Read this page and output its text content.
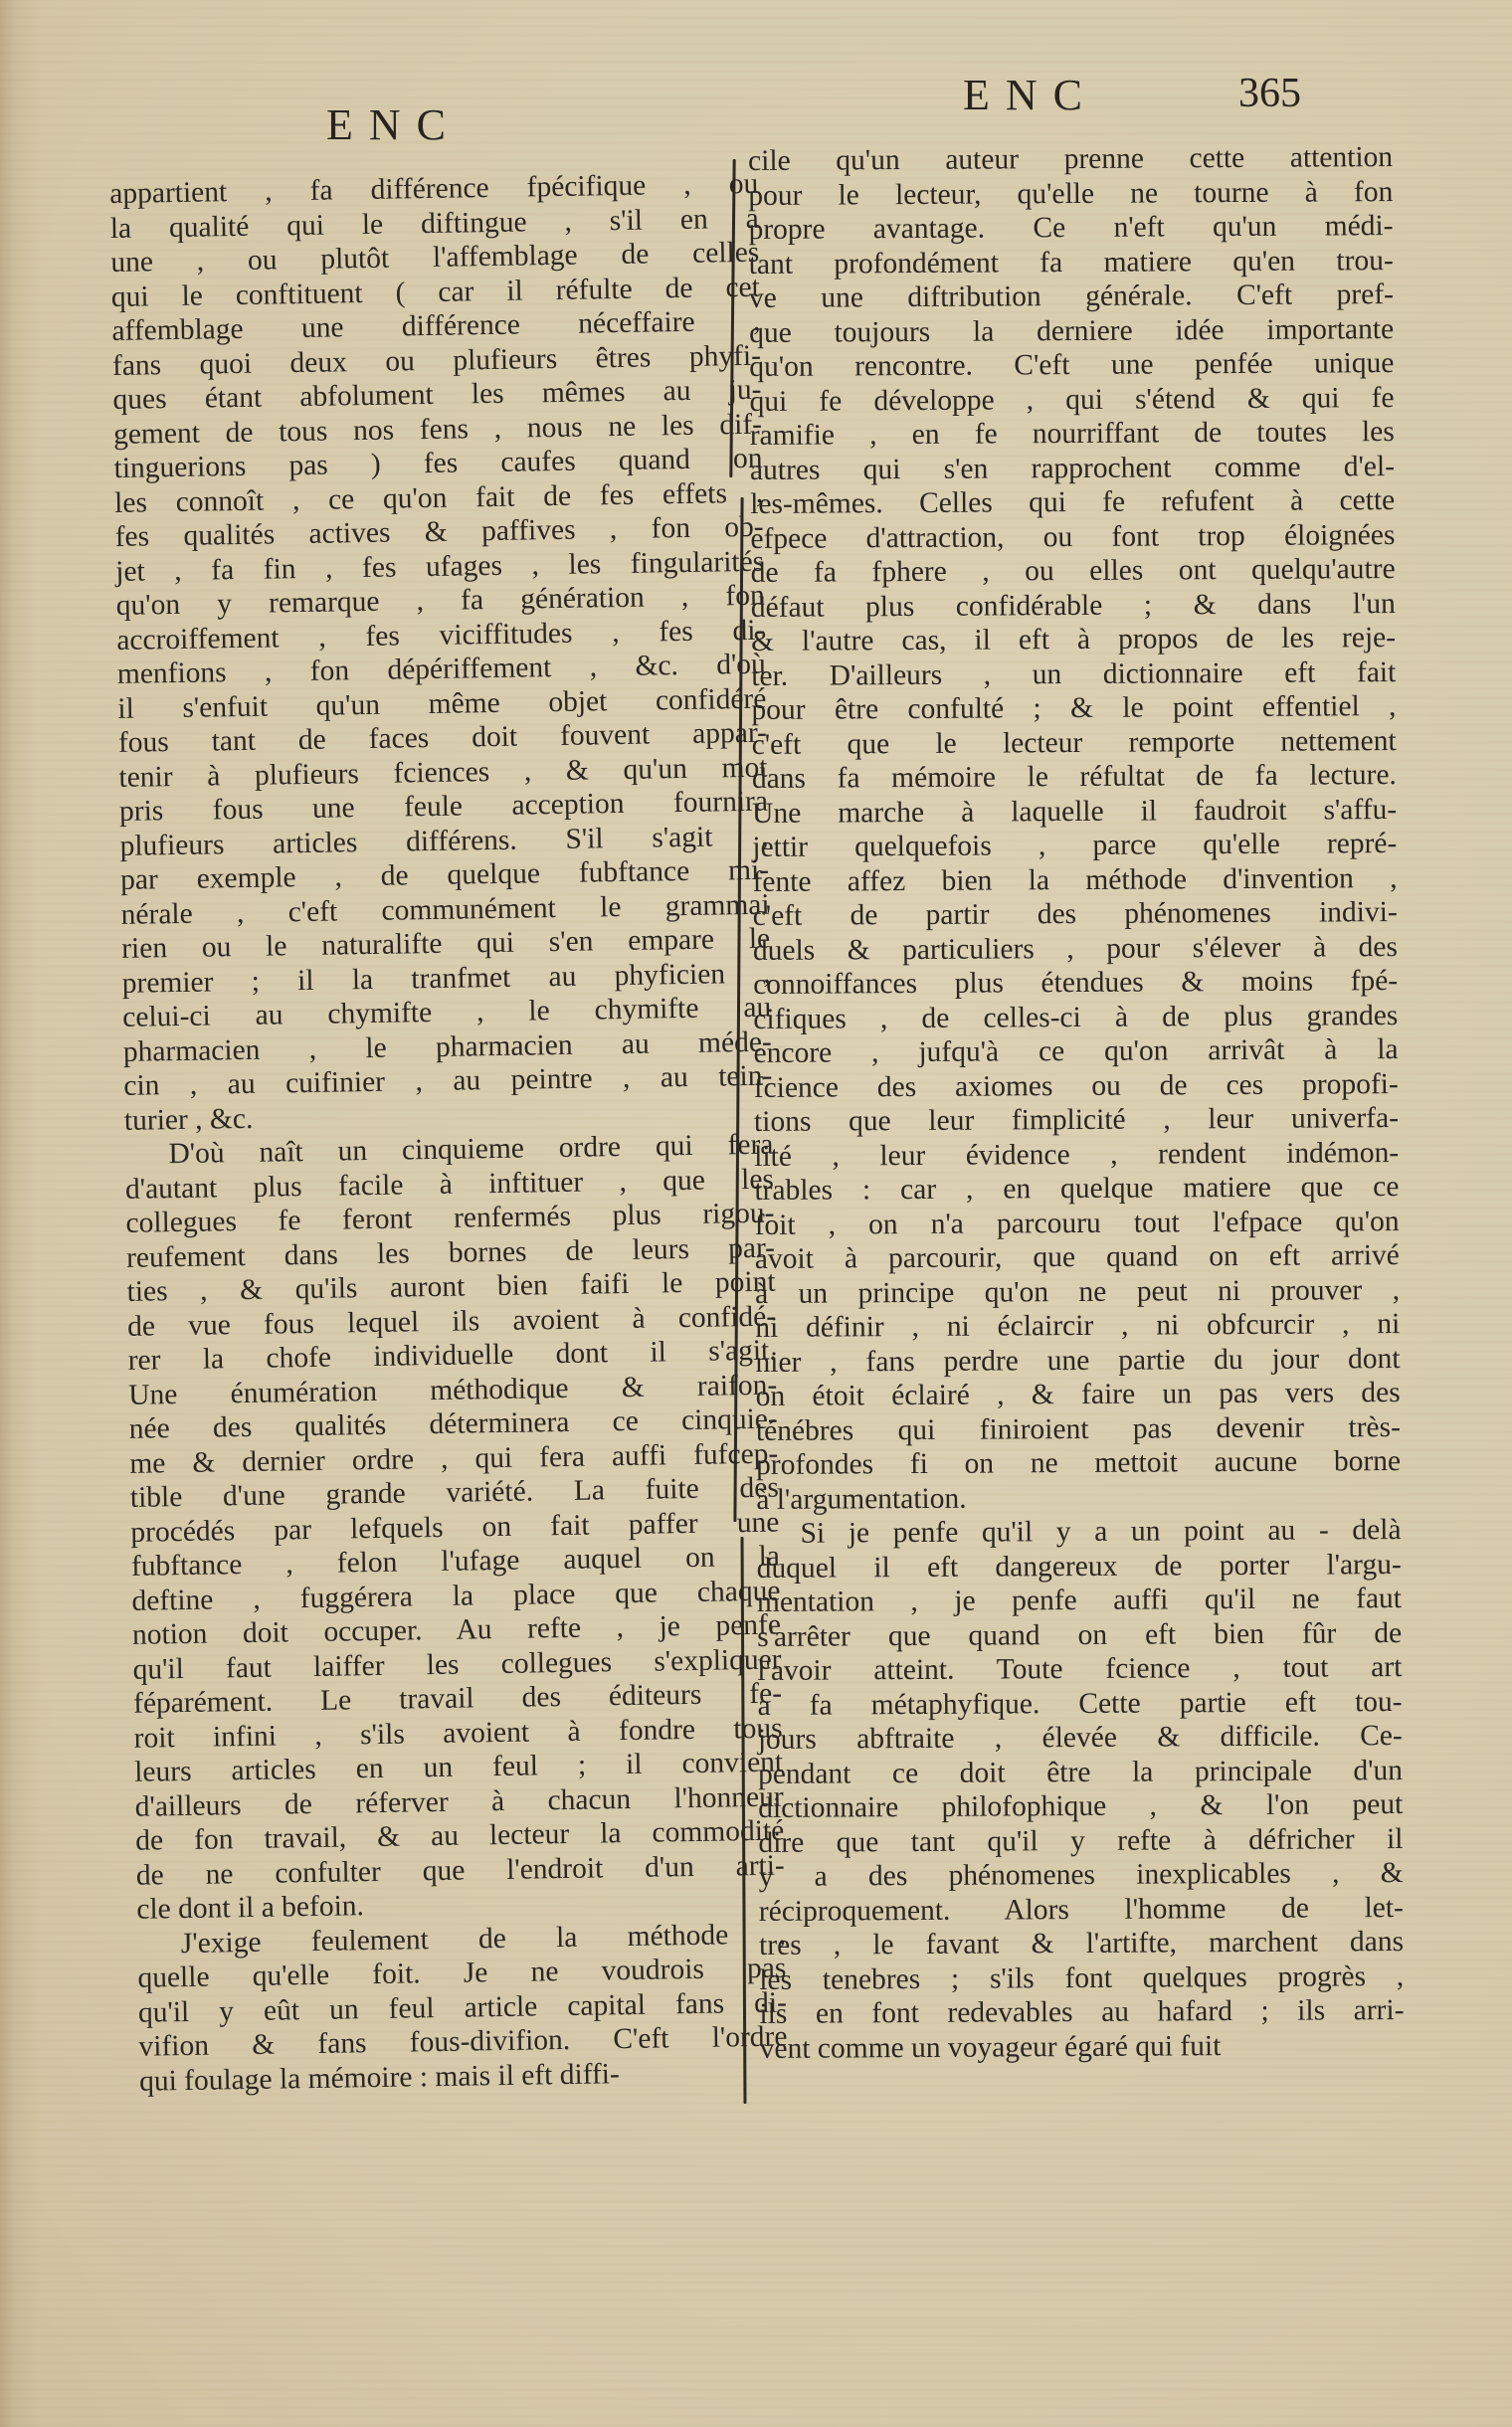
ENC
ENC	365
appartient , fa différence fpécifique , ou
la qualité qui le diftingue , s'il en a
une , ou plutôt l'affemblage de celles
qui le conftituent ( car il réfulte de cet
affemblage une différence néceffaire ,
fans quoi deux ou plufieurs êtres phyfi-
ques étant abfolument les mêmes au ju-
gement de tous nos fens , nous ne les dif-
tinguerions pas ) fes caufes quand on
les connoît , ce qu'on fait de fes effets ,
fes qualités actives & paffives , fon ob-
jet , fa fin , fes ufages , les fingularités
qu'on y remarque , fa génération , fon
accroiffement , fes viciffitudes , fes di-
menfions , fon dépériffement , &c. d'où
il s'enfuit qu'un même objet confidéré
fous tant de faces doit fouvent appar-
tenir à plufieurs fciences , & qu'un mot
pris fous une feule acception fournira
plufieurs articles différens. S'il s'agit ,
par exemple , de quelque fubftance mi-
nérale , c'eft communément le grammai
rien ou le naturalifte qui s'en empare le
premier ; il la tranfmet au phyficien ,
celui-ci au chymifte , le chymifte au
pharmacien , le pharmacien au méde-
cin , au cuifinier , au peintre , au tein-
turier , &c.
D'où naît un cinquieme ordre qui fera
d'autant plus facile à inftituer , que les
collegues fe feront renfermés plus rigou-
reufement dans les bornes de leurs par-
ties , & qu'ils auront bien faifi le point
de vue fous lequel ils avoient à confidé-
rer la chofe individuelle dont il s'agit.
Une énumération méthodique & raifon-
née des qualités déterminera ce cinquie-
me & dernier ordre , qui fera auffi fufcep-
tible d'une grande variété. La fuite des
procédés par lefquels on fait paffer une
fubftance , felon l'ufage auquel on la
deftine , fuggérera la place que chaque
notion doit occuper. Au refte , je penfe
qu'il faut laiffer les collegues s'expliquer
féparément. Le travail des éditeurs fe-
roit infini , s'ils avoient à fondre tous
leurs articles en un feul ; il convient
d'ailleurs de réferver à chacun l'honneur
de fon travail, & au lecteur la commodité
de ne confulter que l'endroit d'un arti-
cle dont il a befoin.
J'exige feulement de la méthode ,
quelle qu'elle foit. Je ne voudrois pas
qu'il y eût un feul article capital fans di-
vifion & fans fous-divifion. C'eft l'ordre
qui foulage la mémoire : mais il eft diffi-
cile qu'un auteur prenne cette attention
pour le lecteur, qu'elle ne tourne à fon
propre avantage. Ce n'eft qu'un médi-
tant profondément fa matiere qu'en trou-
ve une diftribution générale. C'eft pref-
que toujours la derniere idée importante
qu'on rencontre. C'eft une penfée unique
qui fe développe , qui s'étend & qui fe
ramifie , en fe nourriffant de toutes les
autres qui s'en rapprochent comme d'el-
les-mêmes. Celles qui fe refufent à cette
efpece d'attraction, ou font trop éloignées
de fa fphere , ou elles ont quelqu'autre
défaut plus confidérable ; & dans l'un
& l'autre cas, il eft à propos de les reje-
ter. D'ailleurs , un dictionnaire eft fait
pour être confulté ; & le point effentiel ,
c'eft que le lecteur remporte nettement
dans fa mémoire le réfultat de fa lecture.
Une marche à laquelle il faudroit s'affu-
jettir quelquefois , parce qu'elle repré-
fente affez bien la méthode d'invention ,
c'eft de partir des phénomenes indivi-
duels & particuliers , pour s'élever à des
connoiffances plus étendues & moins fpé-
cifiques , de celles-ci à de plus grandes
encore , jufqu'à ce qu'on arrivât à la
fcience des axiomes ou de ces propofi-
tions que leur fimplicité , leur univerfa-
lité , leur évidence , rendent indémon-
trables : car , en quelque matiere que ce
foit , on n'a parcouru tout l'efpace qu'on
avoit à parcourir, que quand on eft arrivé
à un principe qu'on ne peut ni prouver ,
ni définir , ni éclaircir , ni obfcurcir , ni
nier , fans perdre une partie du jour dont
on étoit éclairé , & faire un pas vers des
ténébres qui finiroient pas devenir très-
profondes fi on ne mettoit aucune borne
à l'argumentation.
Si je penfe qu'il y a un point au - delà
duquel il eft dangereux de porter l'argu-
mentation , je penfe auffi qu'il ne faut
s'arrêter que quand on eft bien fûr de
l'avoir atteint. Toute fcience , tout art
a fa métaphyfique. Cette partie eft tou-
jours abftraite , élevée & difficile. Ce-
pendant ce doit être la principale d'un
dictionnaire philofophique , & l'on peut
dire que tant qu'il y refte à défricher il
y a des phénomenes inexplicables , &
réciproquement. Alors l'homme de let-
tres , le favant & l'artifte, marchent dans
les tenebres ; s'ils font quelques progrès ,
ils en font redevables au hafard ; ils arri-
vent comme un voyageur égaré qui fuit
